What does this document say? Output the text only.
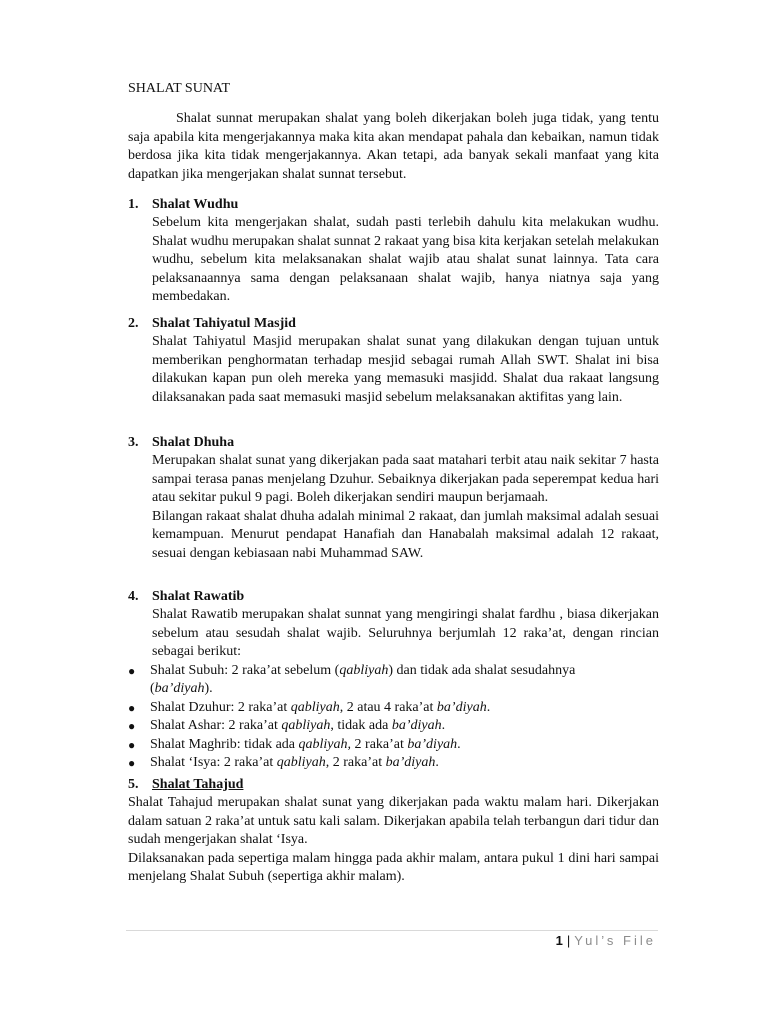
SHALAT SUNAT

Shalat sunnat merupakan shalat yang boleh dikerjakan boleh juga tidak, yang tentu saja apabila kita mengerjakannya maka kita akan mendapat pahala dan kebaikan, namun tidak berdosa jika kita tidak mengerjakannya. Akan tetapi, ada banyak sekali manfaat yang kita dapatkan jika mengerjakan shalat sunnat tersebut.

1. Shalat Wudhu

Sebelum kita mengerjakan shalat, sudah pasti terlebih dahulu kita melakukan wudhu. Shalat wudhu merupakan shalat sunnat 2 rakaat yang bisa kita kerjakan setelah melakukan wudhu, sebelum kita melaksanakan shalat wajib atau shalat sunat lainnya. Tata cara pelaksanaannya sama dengan pelaksanaan shalat wajib, hanya niatnya saja yang membedakan.

2. Shalat Tahiyatul Masjid

Shalat Tahiyatul Masjid merupakan shalat sunat yang dilakukan dengan tujuan untuk memberikan penghormatan terhadap mesjid sebagai rumah Allah SWT. Shalat ini bisa dilakukan kapan pun oleh mereka yang memasuki masjidd. Shalat dua rakaat langsung dilaksanakan pada saat memasuki masjid sebelum melaksanakan aktifitas yang lain.

3. Shalat Dhuha

Merupakan shalat sunat yang dikerjakan pada saat matahari terbit atau naik sekitar 7 hasta sampai terasa panas menjelang Dzuhur. Sebaiknya dikerjakan pada seperempat kedua hari atau sekitar pukul 9 pagi. Boleh dikerjakan sendiri maupun berjamaah.

Bilangan rakaat shalat dhuha adalah minimal 2 rakaat, dan jumlah maksimal adalah sesuai kemampuan. Menurut pendapat Hanafiah dan Hanabalah maksimal adalah 12 rakaat, sesuai dengan kebiasaan nabi Muhammad SAW.

4. Shalat Rawatib

Shalat Rawatib merupakan shalat sunnat yang mengiringi shalat fardhu , biasa dikerjakan sebelum atau sesudah shalat wajib. Seluruhnya berjumlah 12 raka’at, dengan rincian sebagai berikut:

● Shalat Subuh: 2 raka’at sebelum (qabliyah) dan tidak ada shalat sesudahnya (ba’diyah).
● Shalat Dzuhur: 2 raka’at qabliyah, 2 atau 4 raka’at ba’diyah.
● Shalat Ashar: 2 raka’at qabliyah, tidak ada ba’diyah.
● Shalat Maghrib: tidak ada qabliyah, 2 raka’at ba’diyah.
● Shalat ‘Isya: 2 raka’at qabliyah, 2 raka’at ba’diyah.
5. Shalat Tahajud

Shalat Tahajud merupakan shalat sunat yang dikerjakan pada waktu malam hari. Dikerjakan dalam satuan 2 raka’at untuk satu kali salam. Dikerjakan apabila telah terbangun dari tidur dan sudah mengerjakan shalat ‘Isya.

Dilaksanakan pada sepertiga malam hingga pada akhir malam, antara pukul 1 dini hari sampai menjelang Shalat Subuh (sepertiga akhir malam).

1 | Yul’s File
